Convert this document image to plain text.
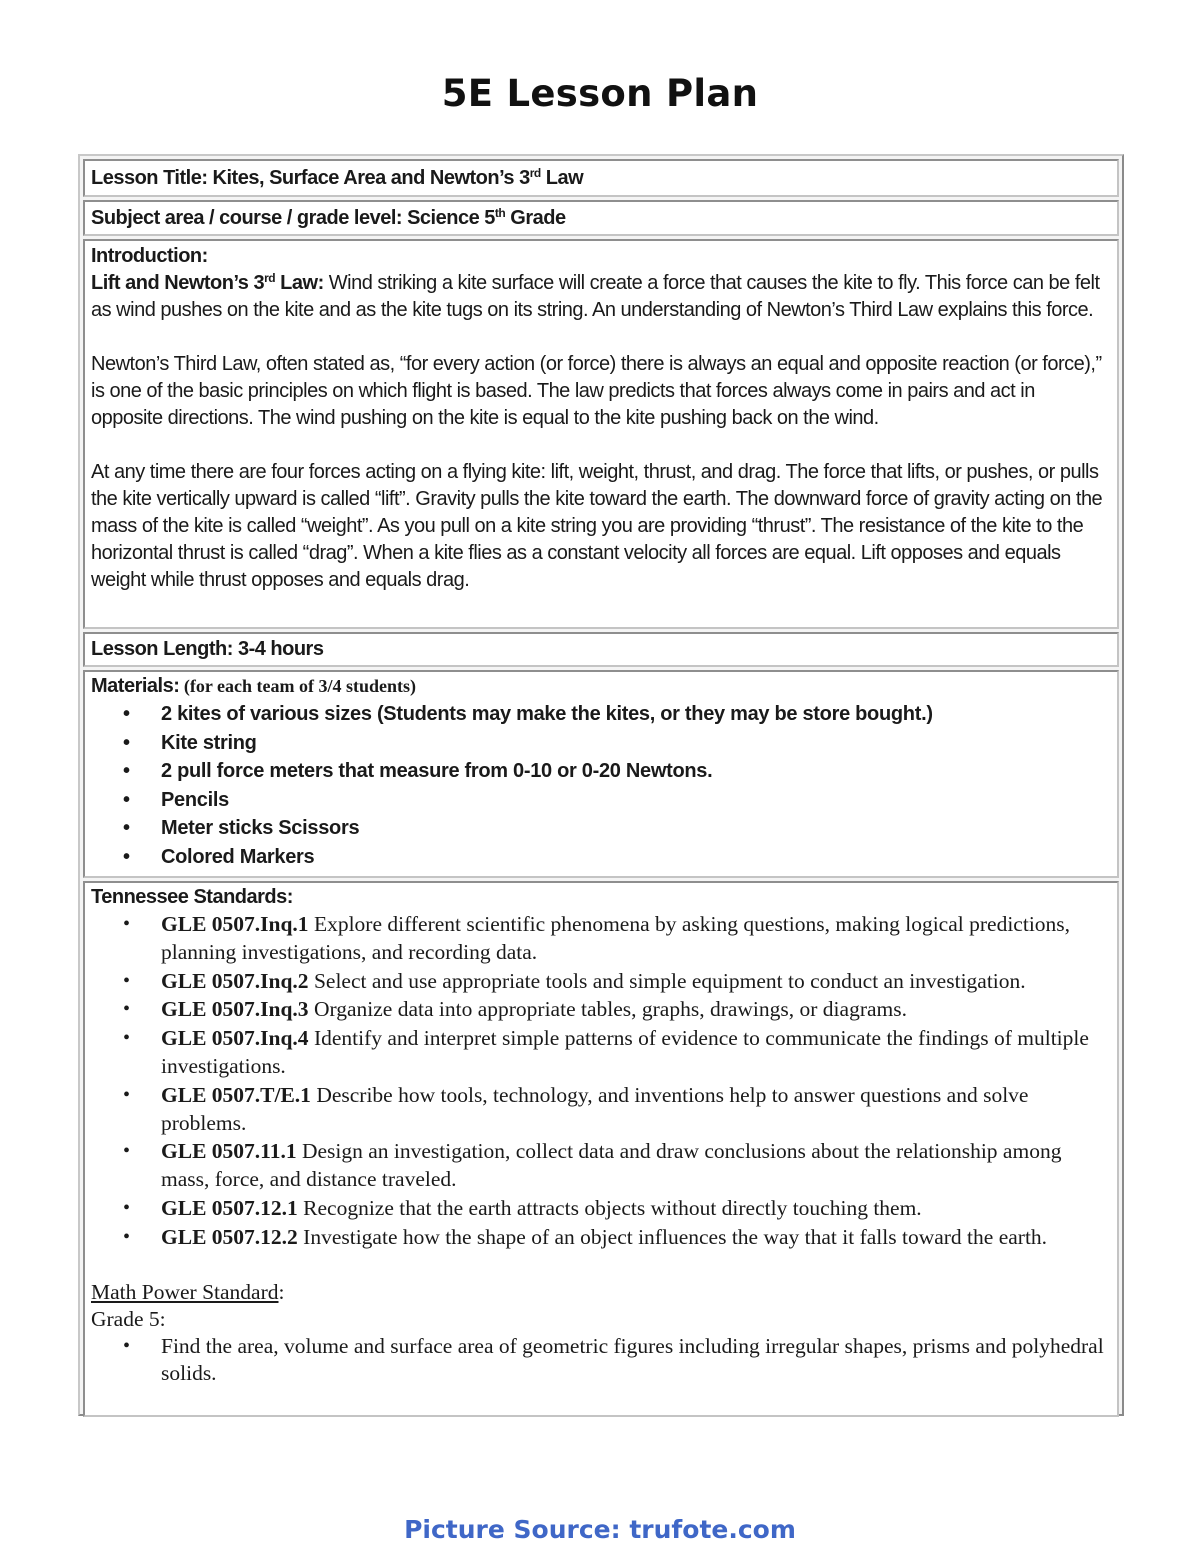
5E Lesson Plan
Lesson Title: Kites, Surface Area and Newton’s 3rd Law
Subject area / course / grade level: Science 5th Grade

Introduction:

Lift and Newton’s 3rd Law: Wind striking a kite surface will create a force that causes the kite to fly. This force can be felt as wind pushes on the kite and as the kite tugs on its string. An understanding of Newton’s Third Law explains this force.

Newton’s Third Law, often stated as, “for every action (or force) there is always an equal and opposite reaction (or force),” is one of the basic principles on which flight is based. The law predicts that forces always come in pairs and act in opposite directions. The wind pushing on the kite is equal to the kite pushing back on the wind.

At any time there are four forces acting on a flying kite: lift, weight, thrust, and drag. The force that lifts, or pushes, or pulls the kite vertically upward is called “lift”. Gravity pulls the kite toward the earth. The downward force of gravity acting on the mass of the kite is called “weight”. As you pull on a kite string you are providing “thrust”. The resistance of the kite to the horizontal thrust is called “drag”. When a kite flies as a constant velocity all forces are equal. Lift opposes and equals weight while thrust opposes and equals drag.

Lesson Length: 3-4 hours

Materials: (for each team of 3/4 students)

• 2 kites of various sizes (Students may make the kites, or they may be store bought.)
• Kite string
• 2 pull force meters that measure from 0-10 or 0-20 Newtons.
• Pencils
• Meter sticks Scissors
• Colored Markers

Tennessee Standards:

• GLE 0507.Inq.1 Explore different scientific phenomena by asking questions, making logical predictions, planning investigations, and recording data.
• GLE 0507.Inq.2 Select and use appropriate tools and simple equipment to conduct an investigation.
• GLE 0507.Inq.3 Organize data into appropriate tables, graphs, drawings, or diagrams.
• GLE 0507.Inq.4 Identify and interpret simple patterns of evidence to communicate the findings of multiple investigations.
• GLE 0507.T/E.1 Describe how tools, technology, and inventions help to answer questions and solve problems.
• GLE 0507.11.1 Design an investigation, collect data and draw conclusions about the relationship among mass, force, and distance traveled.
• GLE 0507.12.1 Recognize that the earth attracts objects without directly touching them.
• GLE 0507.12.2 Investigate how the shape of an object influences the way that it falls toward the earth.

Math Power Standard:

Grade 5:

• Find the area, volume and surface area of geometric figures including irregular shapes, prisms and polyhedral solids.
Picture Source: trufote.com
